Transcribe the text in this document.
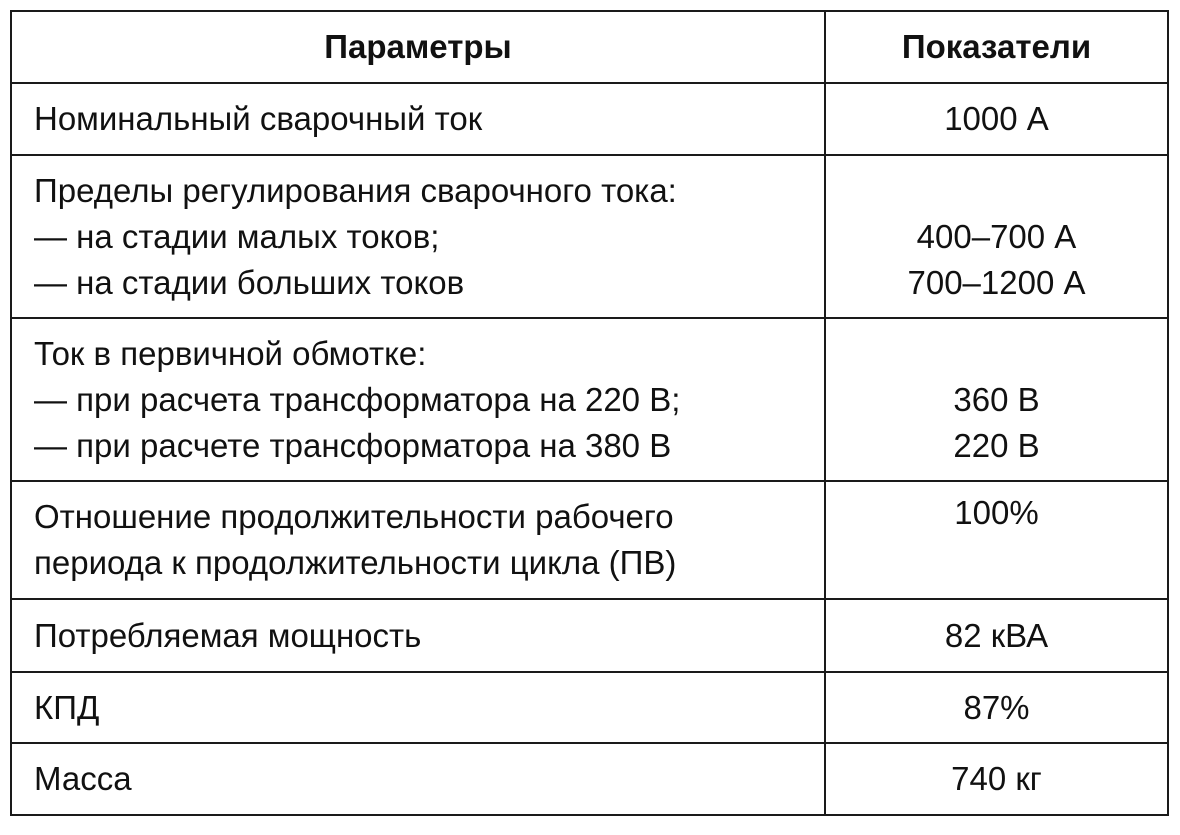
Параметры	Показатели

Номинальный сварочный ток	1000 А

Пределы регулирования сварочного тока:
— на стадии малых токов;
— на стадии больших токов	400–700 А
700–1200 А

Ток в первичной обмотке:
— при расчета трансформатора на 220 В;
— при расчете трансформатора на 380 В	360 В
220 В

Отношение продолжительности рабочего
периода к продолжительности цикла (ПВ)	100%

Потребляемая мощность	82 кВА

КПД	87%

Масса	740 кг
